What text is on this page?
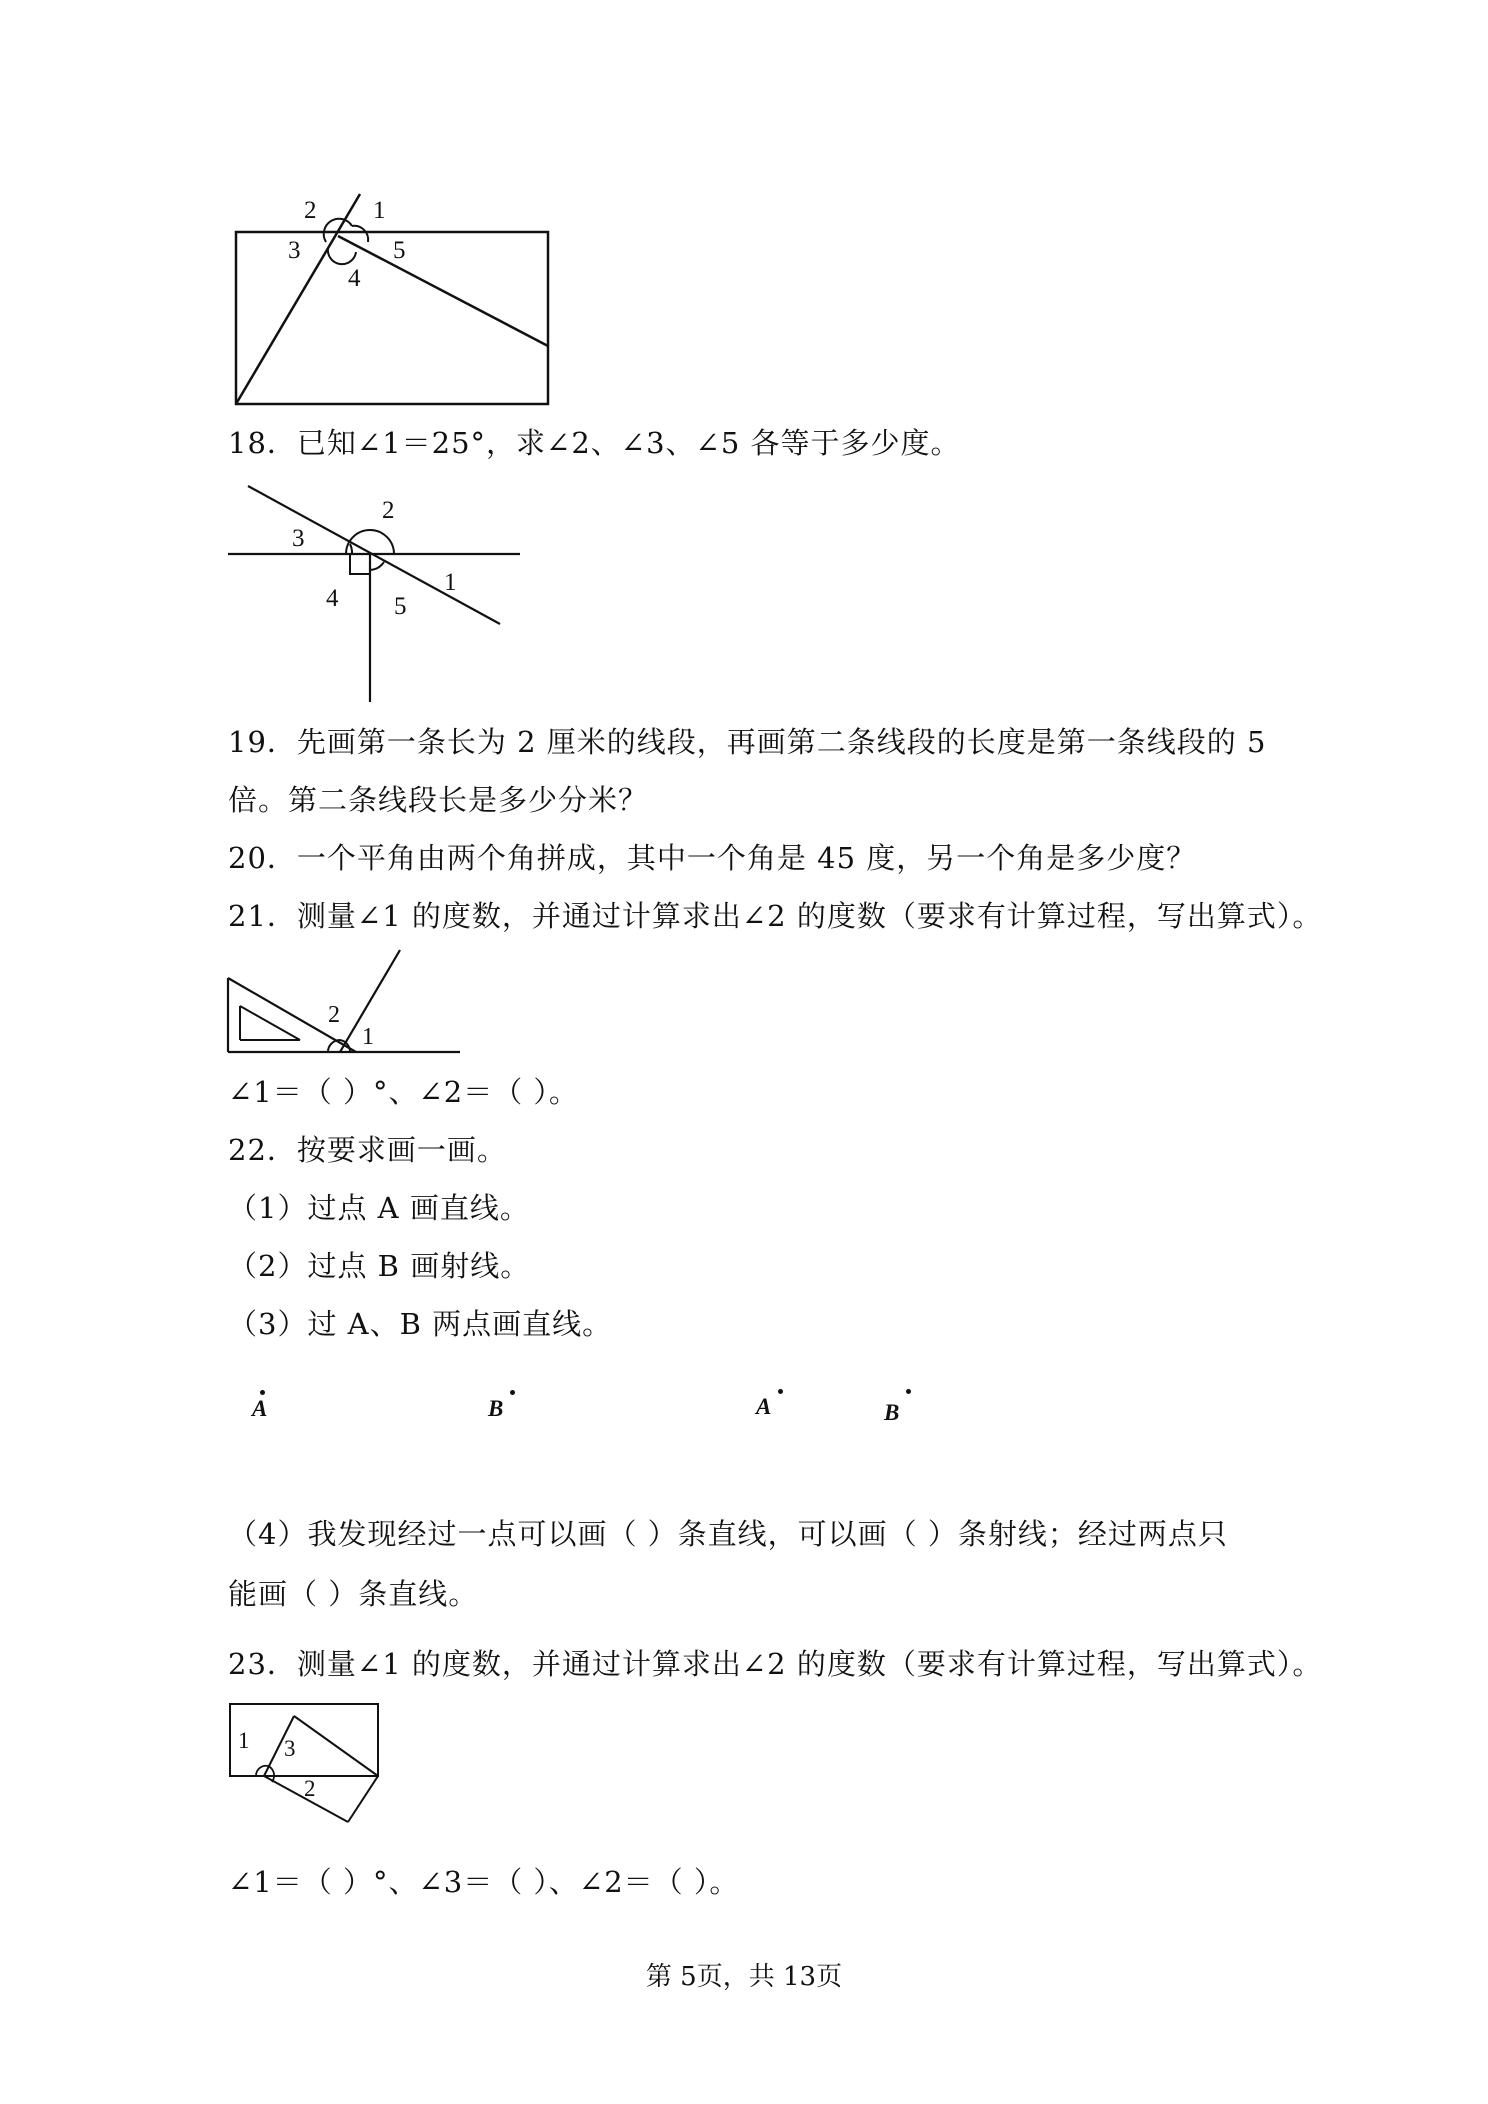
2 1
3	5
4
18．已知∠1＝25°，求∠2、∠3、∠5 各等于多少度。
2
3
1
4 5
19．先画第一条长为 2 厘米的线段，再画第二条线段的长度是第一条线段的 5
倍。第二条线段长是多少分米？
20．一个平角由两个角拼成，其中一个角是 45 度，另一个角是多少度？
21．测量∠1 的度数，并通过计算求出∠2 的度数（要求有计算过程，写出算式）。
2
1
∠1＝（ ）°、∠2＝（ ）。
22．按要求画一画。
（1）过点 A 画直线。
（2）过点 B 画射线。
（3）过 A、B 两点画直线。
A	B	A	B
（4）我发现经过一点可以画（ ）条直线，可以画（ ）条射线；经过两点只
能画（ ）条直线。
23．测量∠1 的度数，并通过计算求出∠2 的度数（要求有计算过程，写出算式）。
1 3
2
∠1＝（ ）°、∠3＝（ ）、∠2＝（ ）。
第 5页，共 13页
